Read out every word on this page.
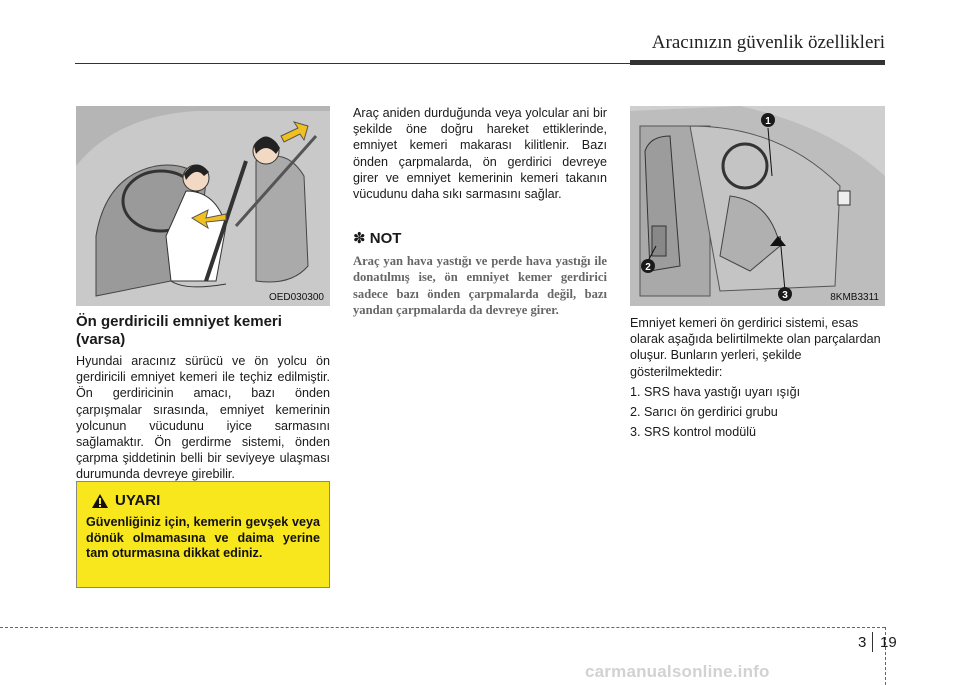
Aracınızın güvenlik özellikleri
OED030300
Ön gerdiricili emniyet kemeri (varsa)
Hyundai aracınız sürücü ve ön yolcu ön gerdiricili emniyet kemeri ile teçhiz edilmiştir. Ön gerdiricinin amacı, bazı önden çarpışmalar sırasında, emniyet kemerinin yolcunun vücudunu iyice sarmasını sağlamaktır. Ön gerdirme sistemi, önden çarpma şiddetinin belli bir seviyeye ulaşması durumunda devreye girebilir.
UYARI
Güvenliğiniz için, kemerin gevşek veya dönük olmamasına ve daima yerine tam oturmasına dikkat ediniz.
Araç aniden durduğunda veya yolcular ani bir şekilde öne doğru hareket ettiklerinde, emniyet kemeri makarası kilitlenir. Bazı önden çarpmalarda, ön gerdirici devreye girer ve emniyet kemerinin kemeri takanın vücudunu daha sıkı sarmasını sağlar.
✽ NOT
Araç yan hava yastığı ve perde hava yastığı ile donatılmış ise, ön emniyet kemer gerdirici sadece bazı önden çarpmalarda değil, bazı yandan çarpmalarda da devreye girer.
1
2
3	8KMB3311

Emniyet kemeri ön gerdirici sistemi, esas olarak aşağıda belirtilmekte olan parçalardan oluşur. Bunların yerleri, şekilde gösterilmektedir:

1. SRS hava yastığı uyarı ışığı

2. Sarıcı ön gerdirici grubu

3. SRS kontrol modülü

3 19
carmanualsonline.info
